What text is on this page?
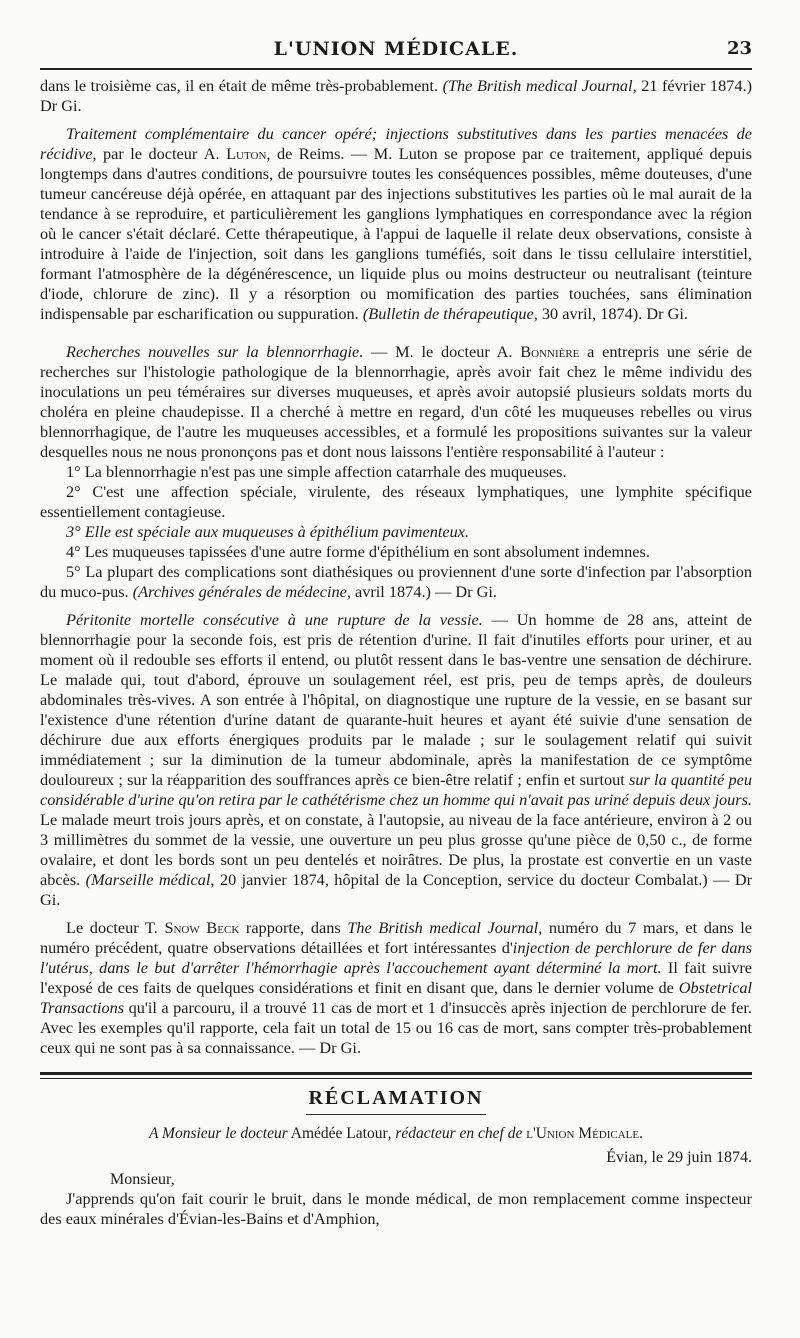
L'UNION MÉDICALE.	23

dans le troisième cas, il en était de même très-probablement. (The British medical Journal, 21 février 1874.) Dr Gi.

Traitement complémentaire du cancer opéré; injections substitutives dans les parties menacées de récidive, par le docteur A. Luton, de Reims. — M. Luton se propose par ce traitement, appliqué depuis longtemps dans d'autres conditions, de poursuivre toutes les conséquences possibles, même douteuses, d'une tumeur cancéreuse déjà opérée, en attaquant par des injections substitutives les parties où le mal aurait de la tendance à se reproduire, et particulièrement les ganglions lymphatiques en correspondance avec la région où le cancer s'était déclaré. Cette thérapeutique, à l'appui de laquelle il relate deux observations, consiste à introduire à l'aide de l'injection, soit dans les ganglions tuméfiés, soit dans le tissu cellulaire interstitiel, formant l'atmosphère de la dégénérescence, un liquide plus ou moins destructeur ou neutralisant (teinture d'iode, chlorure de zinc). Il y a résorption ou momification des parties touchées, sans élimination indispensable par escharification ou suppuration. (Bulletin de thérapeutique, 30 avril, 1874). Dr Gi.

Recherches nouvelles sur la blennorrhagie. — M. le docteur A. Bonnière a entrepris une série de recherches sur l'histologie pathologique de la blennorrhagie, après avoir fait chez le même individu des inoculations un peu téméraires sur diverses muqueuses, et après avoir autopsié plusieurs soldats morts du choléra en pleine chaudepisse. Il a cherché à mettre en regard, d'un côté les muqueuses rebelles ou virus blennorrhagique, de l'autre les muqueuses accessibles, et a formulé les propositions suivantes sur la valeur desquelles nous ne nous prononçons pas et dont nous laissons l'entière responsabilité à l'auteur :

1° La blennorrhagie n'est pas une simple affection catarrhale des muqueuses.

2° C'est une affection spéciale, virulente, des réseaux lymphatiques, une lymphite spécifique essentiellement contagieuse.

3° Elle est spéciale aux muqueuses à épithélium pavimenteux.

4° Les muqueuses tapissées d'une autre forme d'épithélium en sont absolument indemnes.

5° La plupart des complications sont diathésiques ou proviennent d'une sorte d'infection par l'absorption du muco-pus. (Archives générales de médecine, avril 1874.) — Dr Gi.

Péritonite mortelle consécutive à une rupture de la vessie. — Un homme de 28 ans, atteint de blennorrhagie pour la seconde fois, est pris de rétention d'urine. Il fait d'inutiles efforts pour uriner, et au moment où il redouble ses efforts il entend, ou plutôt ressent dans le bas-ventre une sensation de déchirure. Le malade qui, tout d'abord, éprouve un soulagement réel, est pris, peu de temps après, de douleurs abdominales très-vives. A son entrée à l'hôpital, on diagnostique une rupture de la vessie, en se basant sur l'existence d'une rétention d'urine datant de quarante-huit heures et ayant été suivie d'une sensation de déchirure due aux efforts énergiques produits par le malade ; sur le soulagement relatif qui suivit immédiatement ; sur la diminution de la tumeur abdominale, après la manifestation de ce symptôme douloureux ; sur la réapparition des souffrances après ce bien-être relatif ; enfin et surtout sur la quantité peu considérable d'urine qu'on retira par le cathétérisme chez un homme qui n'avait pas uriné depuis deux jours. Le malade meurt trois jours après, et on constate, à l'autopsie, au niveau de la face antérieure, environ à 2 ou 3 millimètres du sommet de la vessie, une ouverture un peu plus grosse qu'une pièce de 0,50 c., de forme ovalaire, et dont les bords sont un peu dentelés et noirâtres. De plus, la prostate est convertie en un vaste abcès. (Marseille médical, 20 janvier 1874, hôpital de la Conception, service du docteur Combalat.) — Dr Gi.

Le docteur T. Snow Beck rapporte, dans The British medical Journal, numéro du 7 mars, et dans le numéro précédent, quatre observations détaillées et fort intéressantes d'injection de perchlorure de fer dans l'utérus, dans le but d'arrêter l'hémorrhagie après l'accouchement ayant déterminé la mort. Il fait suivre l'exposé de ces faits de quelques considérations et finit en disant que, dans le dernier volume de Obstetrical Transactions qu'il a parcouru, il a trouvé 11 cas de mort et 1 d'insuccès après injection de perchlorure de fer. Avec les exemples qu'il rapporte, cela fait un total de 15 ou 16 cas de mort, sans compter très-probablement ceux qui ne sont pas à sa connaissance. — Dr Gi.

RÉCLAMATION
A Monsieur le docteur Amédée Latour, rédacteur en chef de l'Union Médicale.
Évian, le 29 juin 1874.
Monsieur,

J'apprends qu'on fait courir le bruit, dans le monde médical, de mon remplacement comme inspecteur des eaux minérales d'Évian-les-Bains et d'Amphion,
